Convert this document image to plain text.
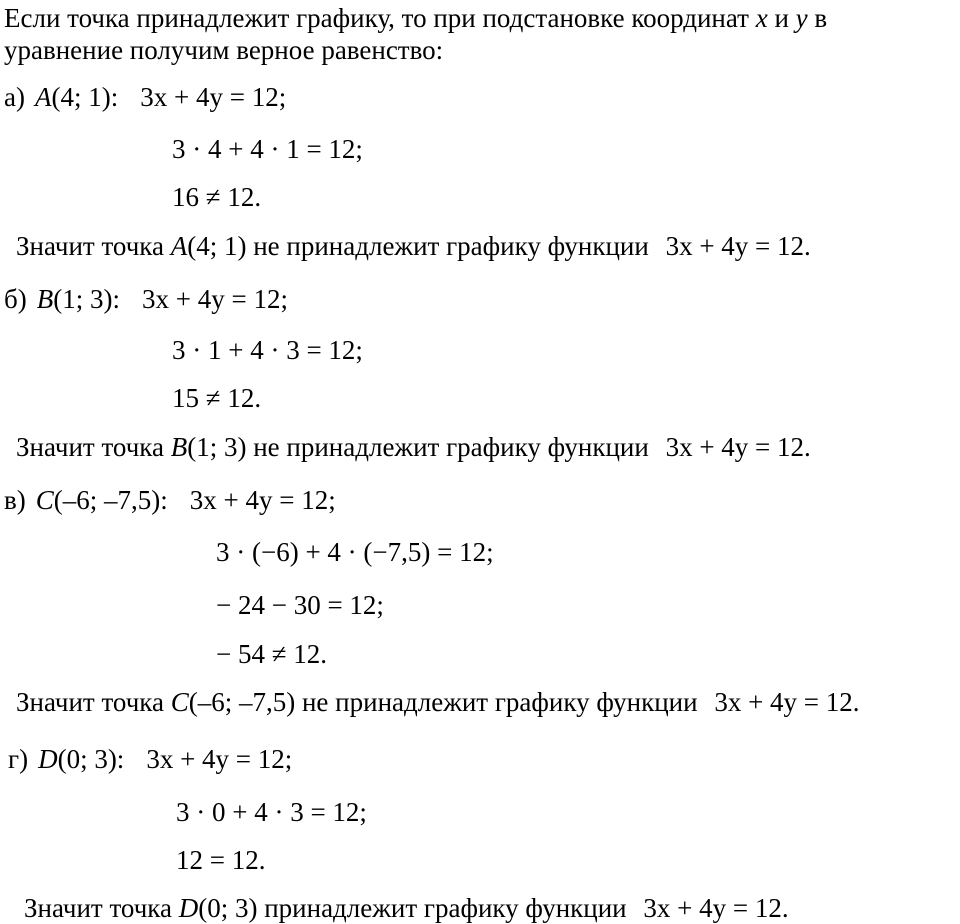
Если точка принадлежит графику, то при подстановке координат x и y в
уравнение получим верное равенство:
а) A(4; 1): 3x + 4y = 12;
3 · 4 + 4 · 1 = 12;
16 ≠ 12.
Значит точка A(4; 1) не принадлежит графику функции 3x + 4y = 12.
б) B(1; 3): 3x + 4y = 12;
3 · 1 + 4 · 3 = 12;
15 ≠ 12.
Значит точка B(1; 3) не принадлежит графику функции 3x + 4y = 12.
в) C(–6; –7,5): 3x + 4y = 12;
3 · (−6) + 4 · (−7,5) = 12;
− 24 − 30 = 12;
− 54 ≠ 12.
Значит точка C(–6; –7,5) не принадлежит графику функции 3x + 4y = 12.
г) D(0; 3): 3x + 4y = 12;
3 · 0 + 4 · 3 = 12;
12 = 12.
Значит точка D(0; 3) принадлежит графику функции 3x + 4y = 12.
